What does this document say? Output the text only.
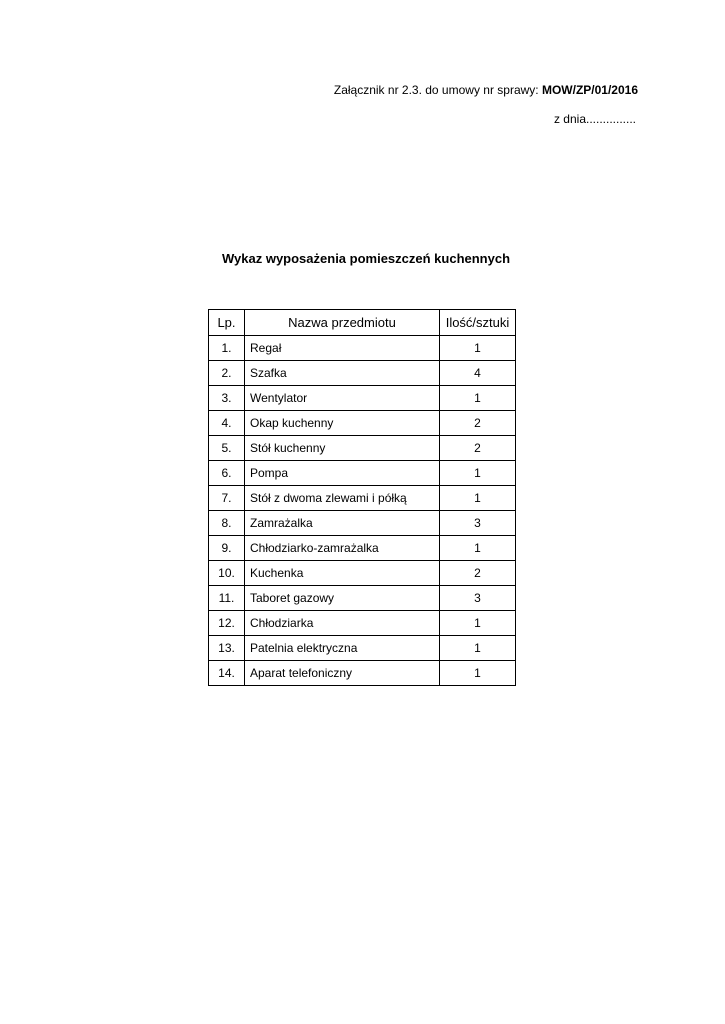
Załącznik nr 2.3. do umowy nr sprawy: MOW/ZP/01/2016
z dnia...............
Wykaz wyposażenia pomieszczeń kuchennych
Lp.	Nazwa przedmiotu	Ilość/sztuki
1.	Regał	1
2.	Szafka	4
3.	Wentylator	1
4.	Okap kuchenny	2
5.	Stół kuchenny	2
6.	Pompa	1
7.	Stół z dwoma zlewami i półką	1
8.	Zamrażalka	3
9.	Chłodziarko-zamrażalka	1
10.	Kuchenka	2
11.	Taboret gazowy	3
12.	Chłodziarka	1
13.	Patelnia elektryczna	1
14.	Aparat telefoniczny	1
